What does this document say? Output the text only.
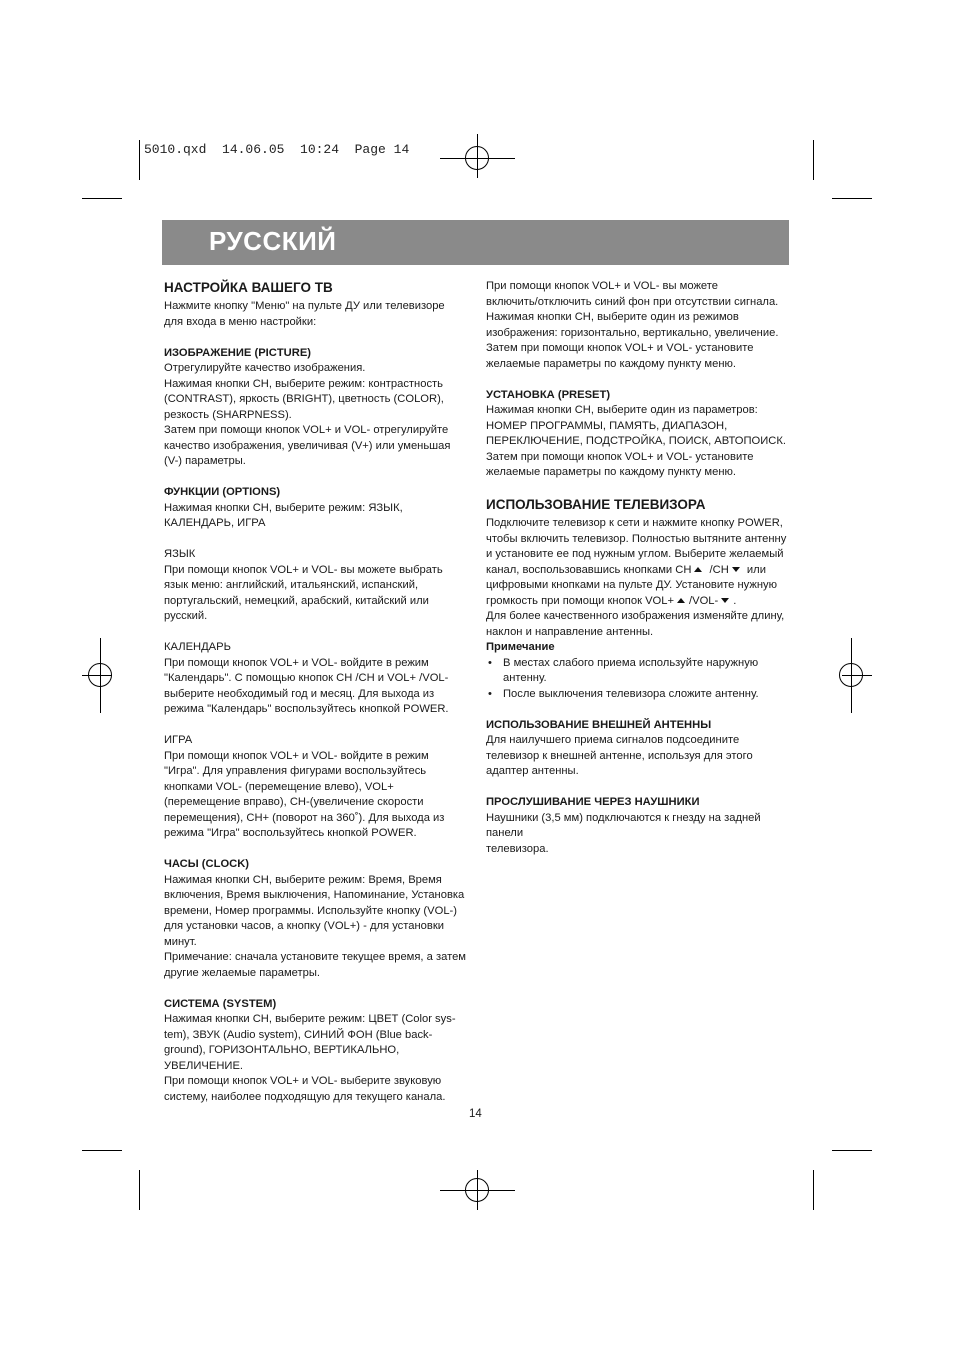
5010.qxd  14.06.05  10:24  Page 14
РУССКИЙ
НАСТРОЙКА ВАШЕГО ТВ

Нажмите кнопку "Меню" на пульте ДУ или телевизоре
для входа в меню настройки:

ИЗОБРАЖЕНИЕ (PICTURE)

Отрегулируйте качество изображения.
Нажимая кнопки CH, выберите режим: контрастность
(CONTRAST), яркость (BRIGHT), цветность (COLOR),
резкость (SHARPNESS).
Затем при помощи кнопок VOL+ и VOL- отрегулируйте
качество изображения, увеличивая (V+) или уменьшая
(V-) параметры.

ФУНКЦИИ (OPTIONS)

Нажимая кнопки CH, выберите режим: ЯЗЫК,
КАЛЕНДАРЬ, ИГРА

ЯЗЫК

При помощи кнопок VOL+ и VOL- вы можете выбрать
язык меню: английский, итальянский, испанский,
португальский, немецкий, арабский, китайский или
русский.

КАЛЕНДАРЬ

При помощи кнопок VOL+ и VOL- войдите в режим
"Календарь". С помощью кнопок CH /CH и VOL+ /VOL-
выберите необходимый год и месяц. Для выхода из
режима "Календарь" воспользуйтесь кнопкой POWER.

ИГРА

При помощи кнопок VOL+ и VOL- войдите в режим
"Игра". Для управления фигурами воспользуйтесь
кнопками VOL- (перемещение влево), VOL+
(перемещение вправо), CH-(увеличение скорости
перемещения), CH+ (поворот на 360˚). Для выхода из
режима "Игра" воспользуйтесь кнопкой POWER.

ЧАСЫ (CLOCK)

Нажимая кнопки CH, выберите режим: Время, Время
включения, Время выключения, Напоминание, Установка
времени, Номер программы. Используйте кнопку (VOL-)
для установки часов, а кнопку (VOL+) - для установки
минут.
Примечание: сначала установите текущее время, а затем
другие желаемые параметры.

СИСТЕМА (SYSTEM)

Нажимая кнопки CH, выберите режим: ЦВЕТ (Color sys-
tem), ЗВУК (Audio system), СИНИЙ ФОН (Blue back-
ground), ГОРИЗОНТАЛЬНО, ВЕРТИКАЛЬНО,
УВЕЛИЧЕНИЕ.
При помощи кнопок VOL+ и VOL- выберите звуковую
систему, наиболее подходящую для текущего канала.

При помощи кнопок VOL+ и VOL- вы можете
включить/отключить синий фон при отсутствии сигнала.
Нажимая кнопки CH, выберите один из режимов
изображения: горизонтально, вертикально, увеличение.
Затем при помощи кнопок VOL+ и VOL- установите
желаемые параметры по каждому пункту меню.

УСТАНОВКА (PRESET)

Нажимая кнопки CH, выберите один из параметров:
НОМЕР ПРОГРАММЫ, ПАМЯТЬ, ДИАПАЗОН,
ПЕРЕКЛЮЧЕНИЕ, ПОДСТРОЙКА, ПОИСК, АВТОПОИСК.
Затем при помощи кнопок VOL+ и VOL- установите
желаемые параметры по каждому пункту меню.

ИСПОЛЬЗОВАНИЕ ТЕЛЕВИЗОРА

Подключите телевизор к сети и нажмите кнопку POWER,
чтобы включить телевизор. Полностью вытяните антенну
и установите ее под нужным углом. Выберите желаемый

канал, воспользовавшись кнопками CH /CH или

цифровыми кнопками на пульте ДУ. Установите нужную

громкость при помощи кнопок VOL+ /VOL- .

Для более качественного изображения изменяйте длину,
наклон и направление антенны.

Примечание
• В местах слабого приема используйте наружную
антенну.

• После выключения телевизора сложите антенну.

ИСПОЛЬЗОВАНИЕ ВНЕШНЕЙ АНТЕННЫ

Для наилучшего приема сигналов подсоедините
телевизор к внешней антенне, используя для этого
адаптер антенны.

ПРОСЛУШИВАНИЕ ЧЕРЕЗ НАУШНИКИ

Наушники (3,5 мм) подключаются к гнезду на задней
панели
телевизора.

14
